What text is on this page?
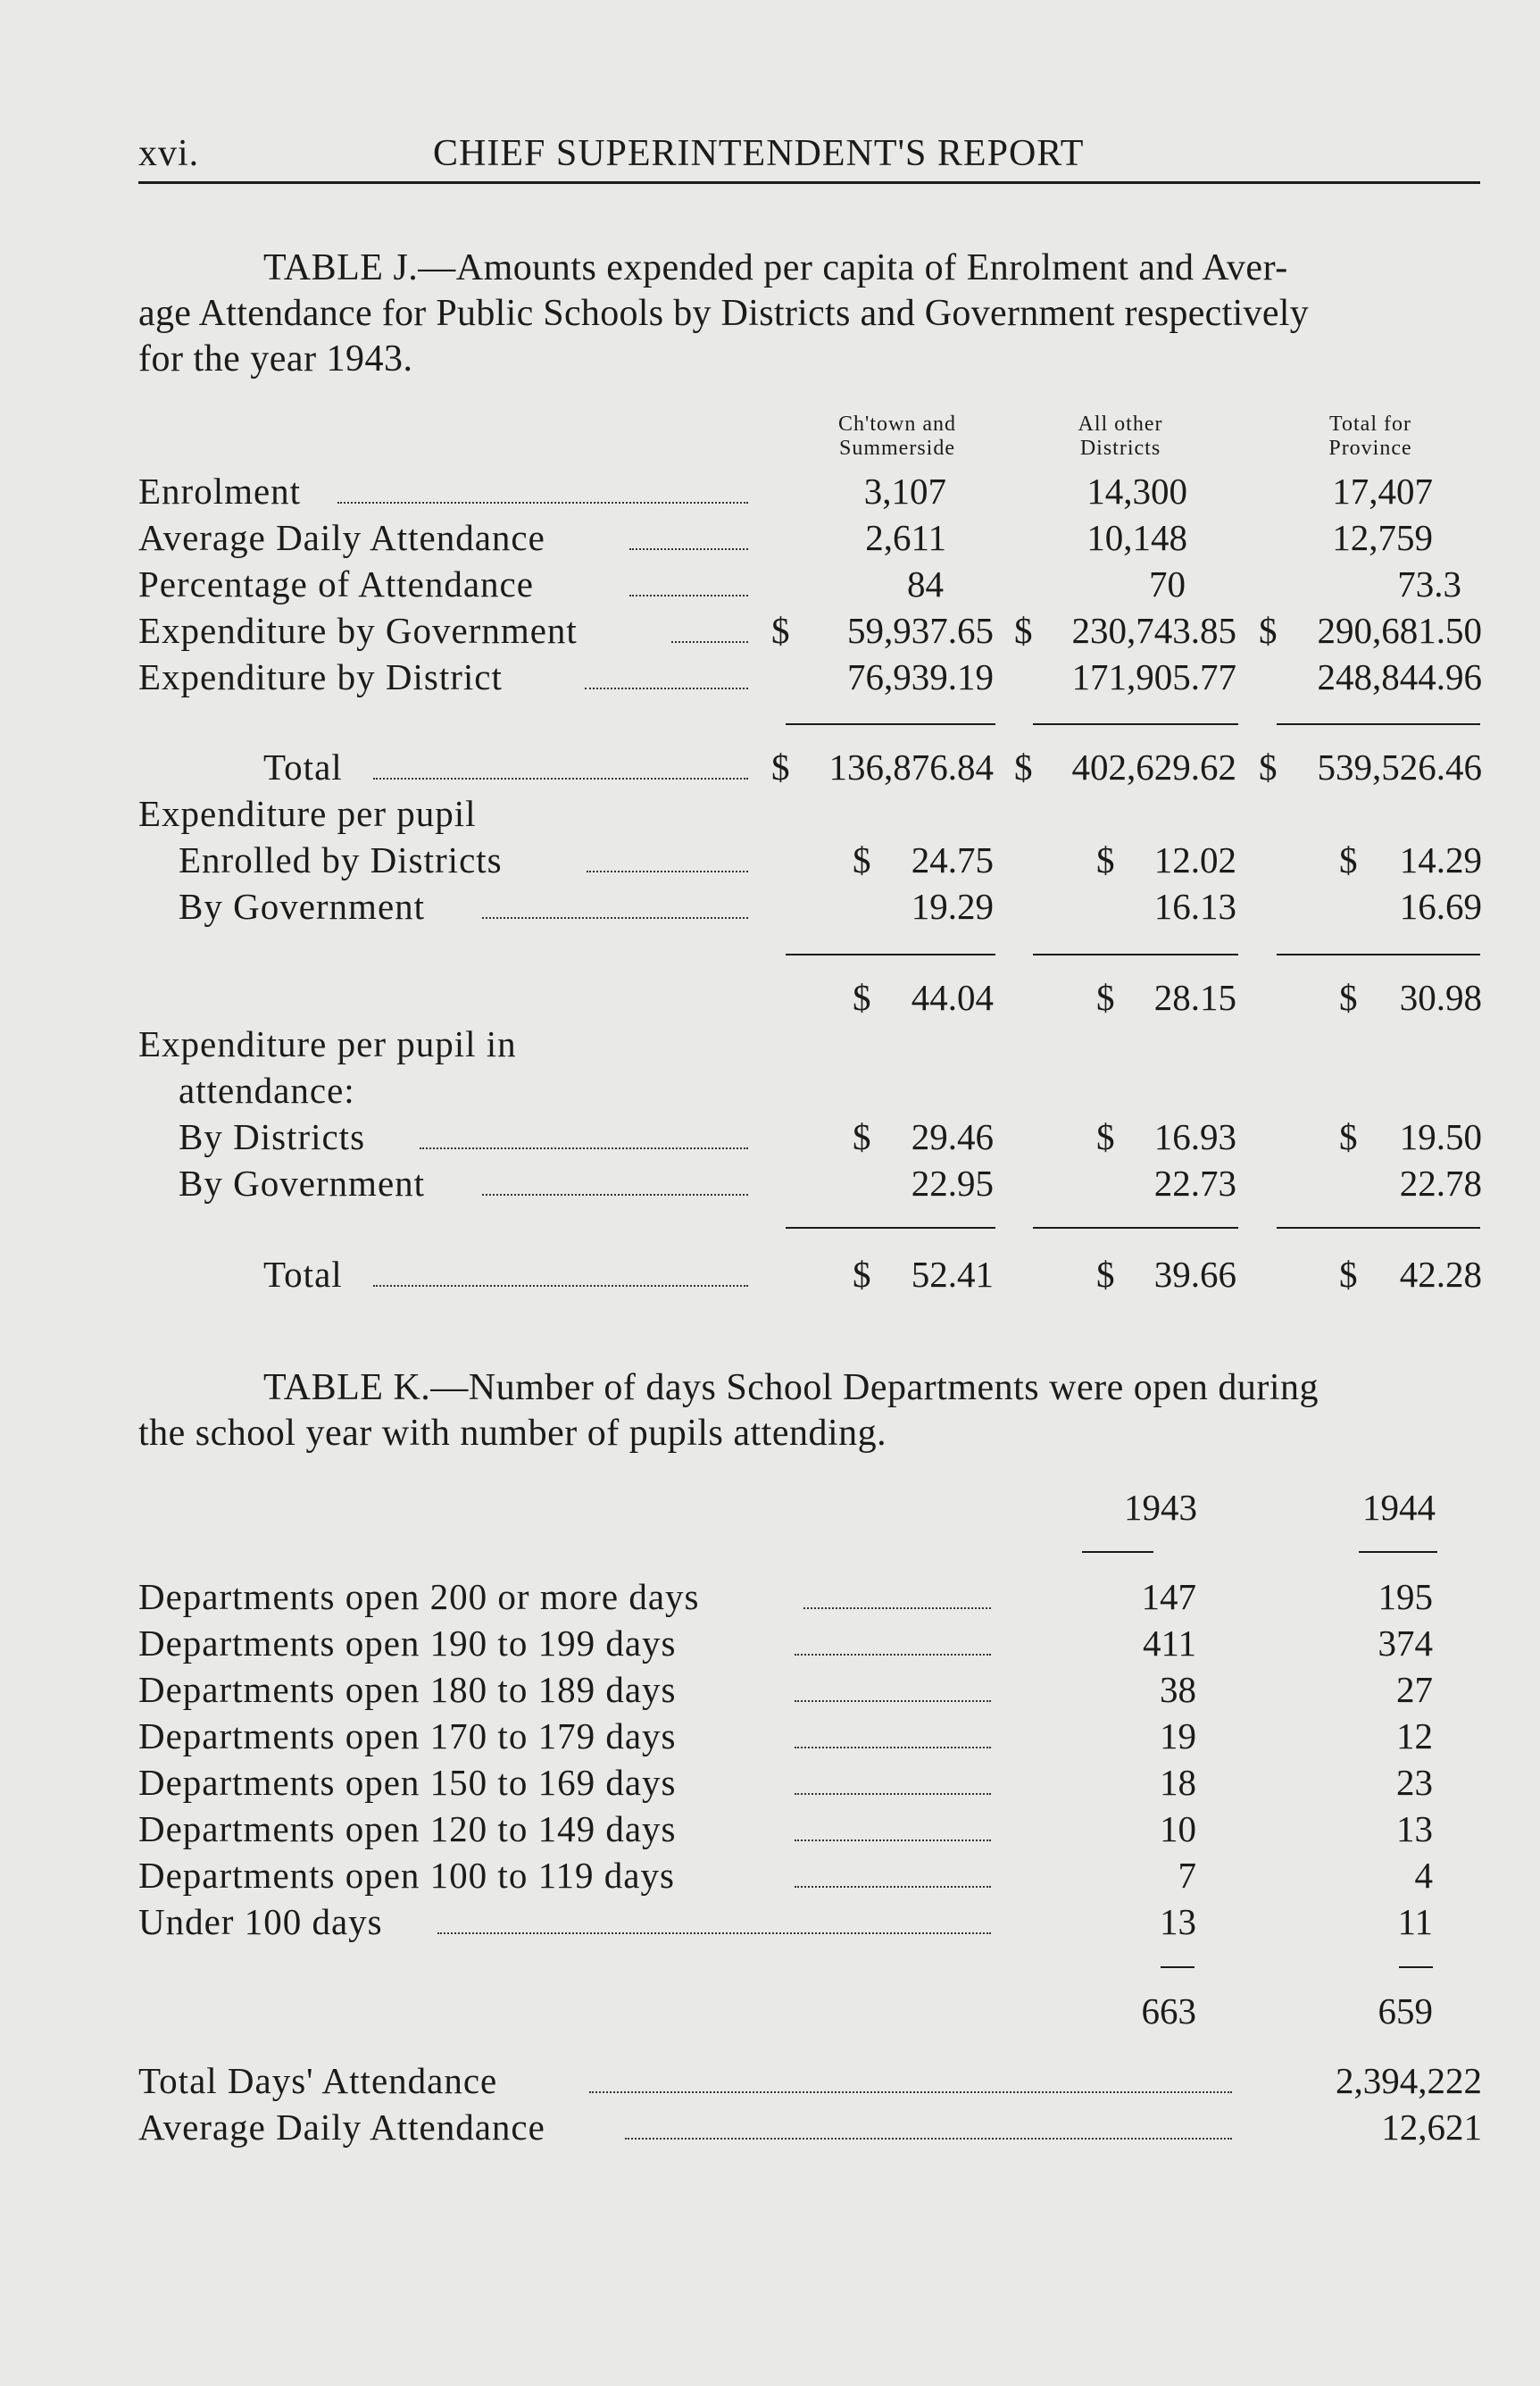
xvi.	CHIEF SUPERINTENDENT'S REPORT
TABLE J.—Amounts expended per capita of Enrolment and Aver-
age Attendance for Public Schools by Districts and Government respectively
for the year 1943.
Ch'town and
Summerside
All other
Districts
Total for
Province
Enrolment	3,107	14,300	17,407
Average Daily Attendance	2,611	10,148	12,759
Percentage of Attendance	84	70	73.3
Expenditure by Government	$ 59,937.65 $ 230,743.85 $ 290,681.50
Expenditure by District	76,939.19 171,905.77 248,844.96
Total	$ 136,876.84 $ 402,629.62 $ 539,526.46
Expenditure per pupil
Enrolled by Districts	$ 24.75	$ 12.02	$ 14.29
By Government	19.29	16.13	16.69
$ 44.04	$ 28.15	$ 30.98
Expenditure per pupil in
attendance:
By Districts	$ 29.46	$ 16.93	$ 19.50
By Government	22.95	22.73	22.78
Total	$ 52.41	$ 39.66	$ 42.28
TABLE K.—Number of days School Departments were open during
the school year with number of pupils attending.
1943	1944
Departments open 200 or more days	147	195
Departments open 190 to 199 days	411	374
Departments open 180 to 189 days	38	27
Departments open 170 to 179 days	19	12
Departments open 150 to 169 days	18	23
Departments open 120 to 149 days	10	13
Departments open 100 to 119 days	7	4
Under 100 days	13	11
663	659
Total Days' Attendance	2,394,222
Average Daily Attendance	12,621
